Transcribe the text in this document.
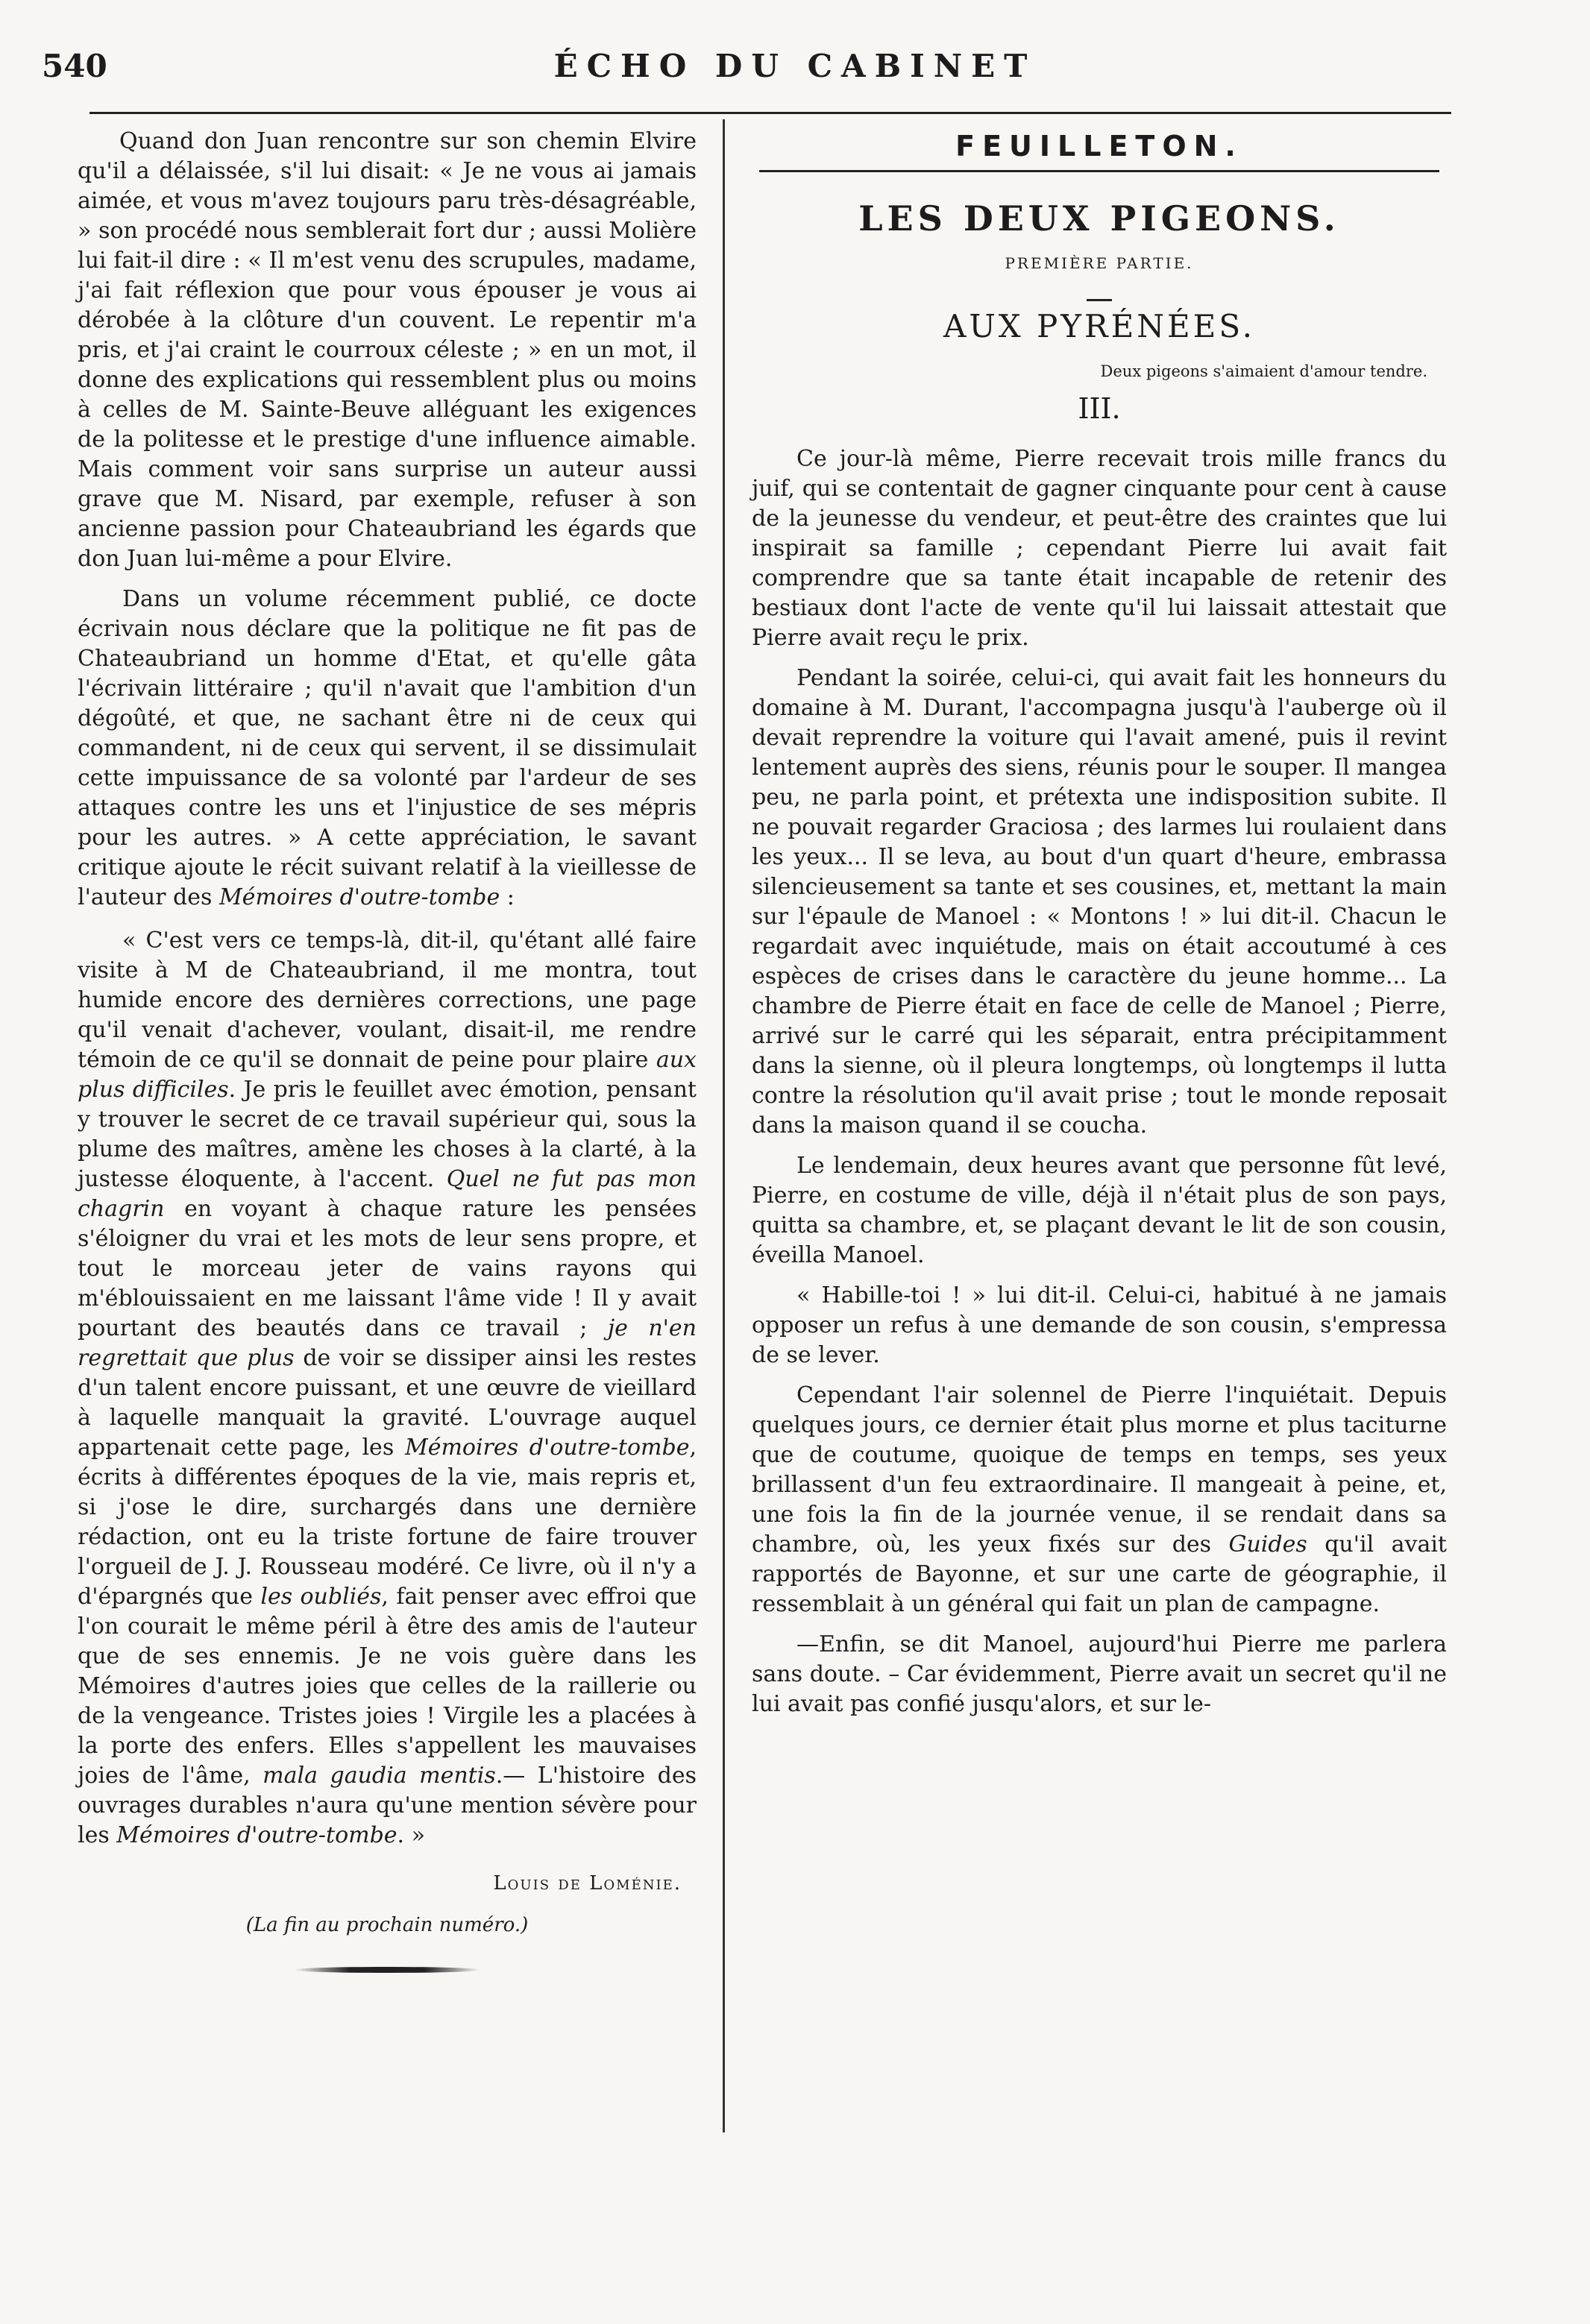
540	ÉCHO DU CABINET

Quand don Juan rencontre sur son chemin Elvire qu'il a délaissée, s'il lui disait: « Je ne vous ai jamais aimée, et vous m'avez toujours paru très-désagréable, » son procédé nous semblerait fort dur ; aussi Molière lui fait-il dire : « Il m'est venu des scrupules, madame, j'ai fait réflexion que pour vous épouser je vous ai dérobée à la clôture d'un couvent. Le repentir m'a pris, et j'ai craint le courroux céleste ; » en un mot, il donne des explications qui ressemblent plus ou moins à celles de M. Sainte-Beuve alléguant les exigences de la politesse et le prestige d'une influence aimable. Mais comment voir sans surprise un auteur aussi grave que M. Nisard, par exemple, refuser à son ancienne passion pour Chateaubriand les égards que don Juan lui-même a pour Elvire.

Dans un volume récemment publié, ce docte écrivain nous déclare que la politique ne fit pas de Chateaubriand un homme d'Etat, et qu'elle gâta l'écrivain littéraire ; qu'il n'avait que l'ambition d'un dégoûté, et que, ne sachant être ni de ceux qui commandent, ni de ceux qui servent, il se dissimulait cette impuissance de sa volonté par l'ardeur de ses attaques contre les uns et l'injustice de ses mépris pour les autres. » A cette appréciation, le savant critique ajoute le récit suivant relatif à la vieillesse de l'auteur des Mémoires d'outre-tombe :

« C'est vers ce temps-là, dit-il, qu'étant allé faire visite à M de Chateaubriand, il me montra, tout humide encore des dernières corrections, une page qu'il venait d'achever, voulant, disait-il, me rendre témoin de ce qu'il se donnait de peine pour plaire aux plus difficiles. Je pris le feuillet avec émotion, pensant y trouver le secret de ce travail supérieur qui, sous la plume des maîtres, amène les choses à la clarté, à la justesse éloquente, à l'accent. Quel ne fut pas mon chagrin en voyant à chaque rature les pensées s'éloigner du vrai et les mots de leur sens propre, et tout le morceau jeter de vains rayons qui m'éblouissaient en me laissant l'âme vide ! Il y avait pourtant des beautés dans ce travail ; je n'en regrettait que plus de voir se dissiper ainsi les restes d'un talent encore puissant, et une œuvre de vieillard à laquelle manquait la gravité. L'ouvrage auquel appartenait cette page, les Mémoires d'outre-tombe, écrits à différentes époques de la vie, mais repris et, si j'ose le dire, surchargés dans une dernière rédaction, ont eu la triste fortune de faire trouver l'orgueil de J. J. Rousseau modéré. Ce livre, où il n'y a d'épargnés que les oubliés, fait penser avec effroi que l'on courait le même péril à être des amis de l'auteur que de ses ennemis. Je ne vois guère dans les Mémoires d'autres joies que celles de la raillerie ou de la vengeance. Tristes joies ! Virgile les a placées à la porte des enfers. Elles s'appellent les mauvaises joies de l'âme, mala gaudia mentis.— L'histoire des ouvrages durables n'aura qu'une mention sévère pour les Mémoires d'outre-tombe. »

Louis de Loménie.
(La fin au prochain numéro.)
FEUILLETON.
LES DEUX PIGEONS.
PREMIÈRE PARTIE.
AUX PYRÉNÉES.
Deux pigeons s'aimaient d'amour tendre.
III.

Ce jour-là même, Pierre recevait trois mille francs du juif, qui se contentait de gagner cinquante pour cent à cause de la jeunesse du vendeur, et peut-être des craintes que lui inspirait sa famille ; cependant Pierre lui avait fait comprendre que sa tante était incapable de retenir des bestiaux dont l'acte de vente qu'il lui laissait attestait que Pierre avait reçu le prix.

Pendant la soirée, celui-ci, qui avait fait les honneurs du domaine à M. Durant, l'accompagna jusqu'à l'auberge où il devait reprendre la voiture qui l'avait amené, puis il revint lentement auprès des siens, réunis pour le souper. Il mangea peu, ne parla point, et prétexta une indisposition subite. Il ne pouvait regarder Graciosa ; des larmes lui roulaient dans les yeux... Il se leva, au bout d'un quart d'heure, embrassa silencieusement sa tante et ses cousines, et, mettant la main sur l'épaule de Manoel : « Montons ! » lui dit-il. Chacun le regardait avec inquiétude, mais on était accoutumé à ces espèces de crises dans le caractère du jeune homme... La chambre de Pierre était en face de celle de Manoel ; Pierre, arrivé sur le carré qui les séparait, entra précipitamment dans la sienne, où il pleura longtemps, où longtemps il lutta contre la résolution qu'il avait prise ; tout le monde reposait dans la maison quand il se coucha.

Le lendemain, deux heures avant que personne fût levé, Pierre, en costume de ville, déjà il n'était plus de son pays, quitta sa chambre, et, se plaçant devant le lit de son cousin, éveilla Manoel.

« Habille-toi ! » lui dit-il. Celui-ci, habitué à ne jamais opposer un refus à une demande de son cousin, s'empressa de se lever.

Cependant l'air solennel de Pierre l'inquiétait. Depuis quelques jours, ce dernier était plus morne et plus taciturne que de coutume, quoique de temps en temps, ses yeux brillassent d'un feu extraordinaire. Il mangeait à peine, et, une fois la fin de la journée venue, il se rendait dans sa chambre, où, les yeux fixés sur des Guides qu'il avait rapportés de Bayonne, et sur une carte de géographie, il ressemblait à un général qui fait un plan de campagne.

—Enfin, se dit Manoel, aujourd'hui Pierre me parlera sans doute. – Car évidemment, Pierre avait un secret qu'il ne lui avait pas confié jusqu'alors, et sur le-
